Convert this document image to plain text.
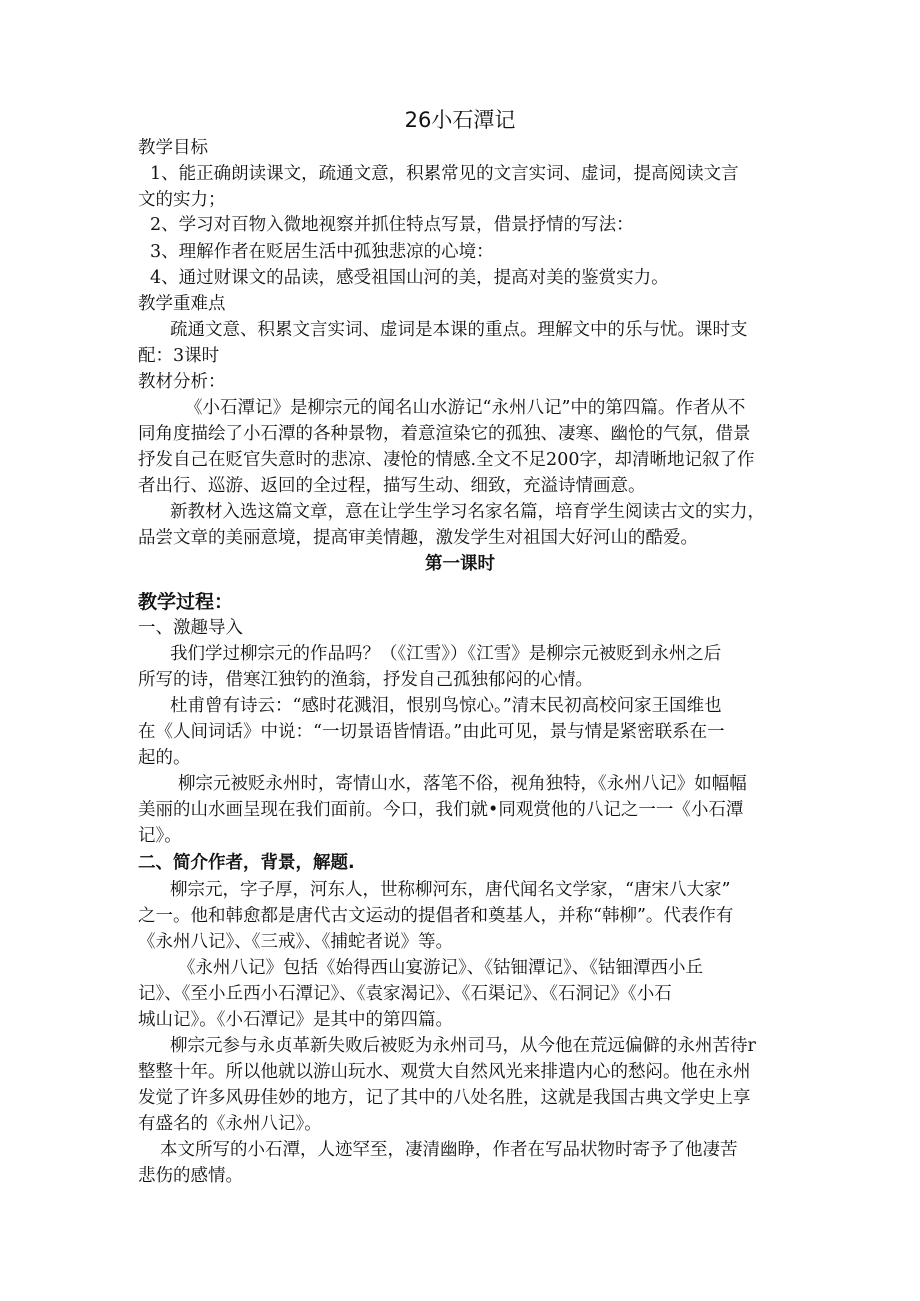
26小石潭记

教学目标

1、能正确朗读课文，疏通文意，积累常见的文言实词、虚词，提高阅读文言

文的实力；

2、学习对百物入微地视察并抓住特点写景，借景抒情的写法：

3、理解作者在贬居生活中孤独悲凉的心境：

4、通过财课文的品读，感受祖国山河的美，提高对美的鉴赏实力。

教学重难点

疏通文意、积累文言实词、虚词是本课的重点。理解文中的乐与忧。课时支

配：3课时

教材分析：

《小石潭记》是柳宗元的闻名山水游记“永州八记”中的第四篇。作者从不

同角度描绘了小石潭的各种景物，着意渲染它的孤独、凄寒、幽怆的气氛，借景

抒发自己在贬官失意时的悲凉、凄怆的情感.全文不足200字，却清晰地记叙了作

者出行、巡游、返回的全过程，描写生动、细致，充溢诗情画意。

新教材入选这篇文章，意在让学生学习名家名篇，培育学生阅读古文的实力，

品尝文章的美丽意境，提高审美情趣，激发学生对祖国大好河山的酷爱。

第一课时

教学过程：

一、激趣导入

我们学过柳宗元的作品吗？（《江雪》）《江雪》是柳宗元被贬到永州之后

所写的诗，借寒江独钓的渔翁，抒发自己孤独郁闷的心情。

杜甫曾有诗云：“感时花溅泪，恨别鸟惊心。”清末民初高校问家王国维也

在《人间词话》中说：“一切景语皆情语。”由此可见，景与情是紧密联系在一

起的。

柳宗元被贬永州时，寄情山水，落笔不俗，视角独特，《永州八记》如幅幅

美丽的山水画呈现在我们面前。今口，我们就•同观赏他的八记之一一《小石潭

记》。

二、简介作者，背景，解题.

柳宗元，字子厚，河东人，世称柳河东，唐代闻名文学家，“唐宋八大家”

之一。他和韩愈都是唐代古文运动的提倡者和奠基人，并称“韩柳”。代表作有

《永州八记》、《三戒》、《捕蛇者说》等。

《永州八记》包括《始得西山宴游记》、《钴钿潭记》、《钴钿潭西小丘

记》、《至小丘西小石潭记》、《袁家渴记》、《石渠记》、《石洞记》《小石

城山记》。《小石潭记》是其中的第四篇。

柳宗元参与永贞革新失败后被贬为永州司马，从今他在荒远偏僻的永州苦待r

整整十年。所以他就以游山玩水、观赏大自然风光来排遣内心的愁闷。他在永州

发觉了许多风毋佳妙的地方，记了其中的八处名胜，这就是我国古典文学史上享

有盛名的《永州八记》。

本文所写的小石潭，人迹罕至，凄清幽睁，作者在写品状物时寄予了他凄苦

悲伤的感情。
